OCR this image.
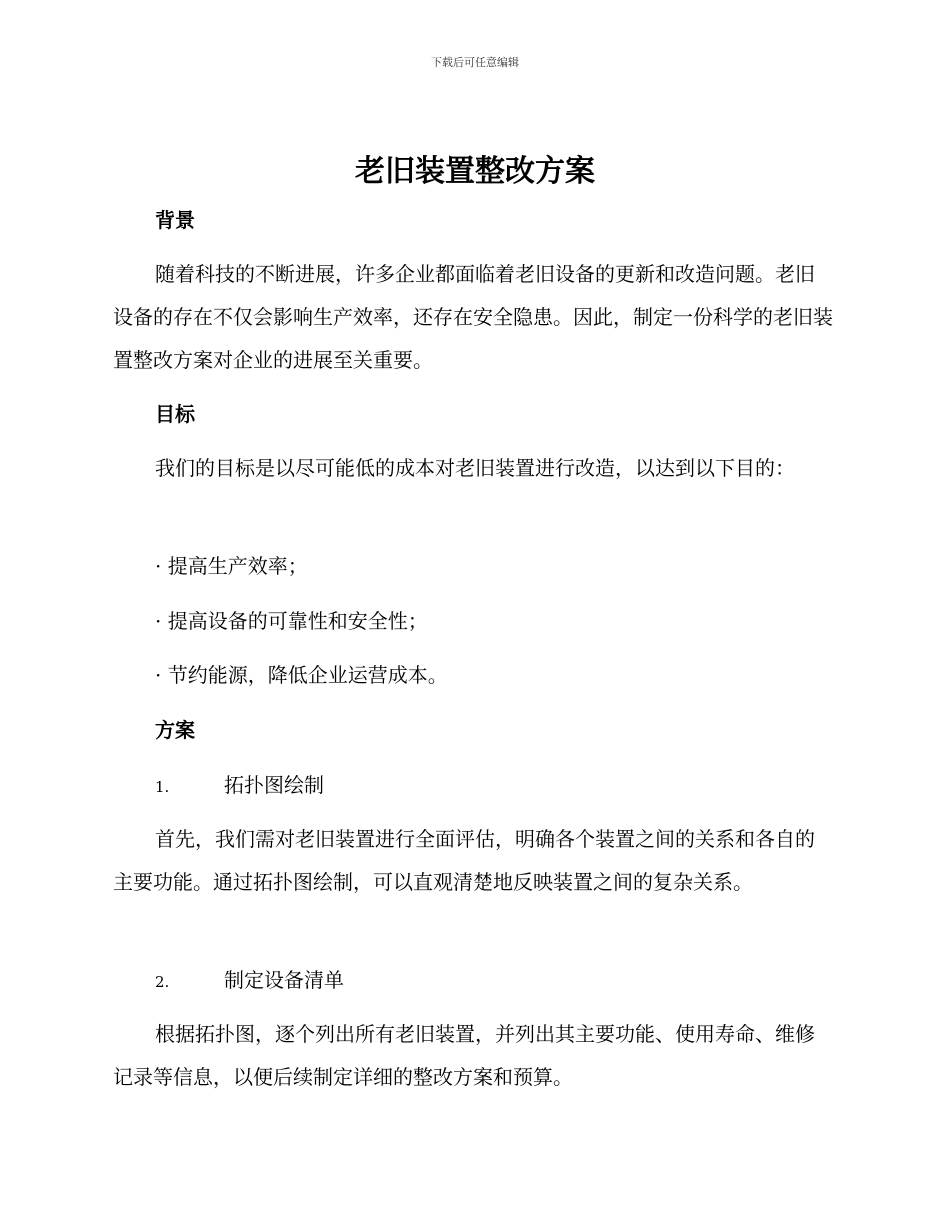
下载后可任意编辑
老旧装置整改方案
背景

随着科技的不断进展，许多企业都面临着老旧设备的更新和改造问题。老旧设备的存在不仅会影响生产效率，还存在安全隐患。因此，制定一份科学的老旧装置整改方案对企业的进展至关重要。

目标

我们的目标是以尽可能低的成本对老旧装置进行改造，以达到以下目的：

· 提高生产效率；

· 提高设备的可靠性和安全性；

· 节约能源，降低企业运营成本。

方案

1.	拓扑图绘制

首先，我们需对老旧装置进行全面评估，明确各个装置之间的关系和各自的主要功能。通过拓扑图绘制，可以直观清楚地反映装置之间的复杂关系。

2.	制定设备清单

根据拓扑图，逐个列出所有老旧装置，并列出其主要功能、使用寿命、维修记录等信息，以便后续制定详细的整改方案和预算。
